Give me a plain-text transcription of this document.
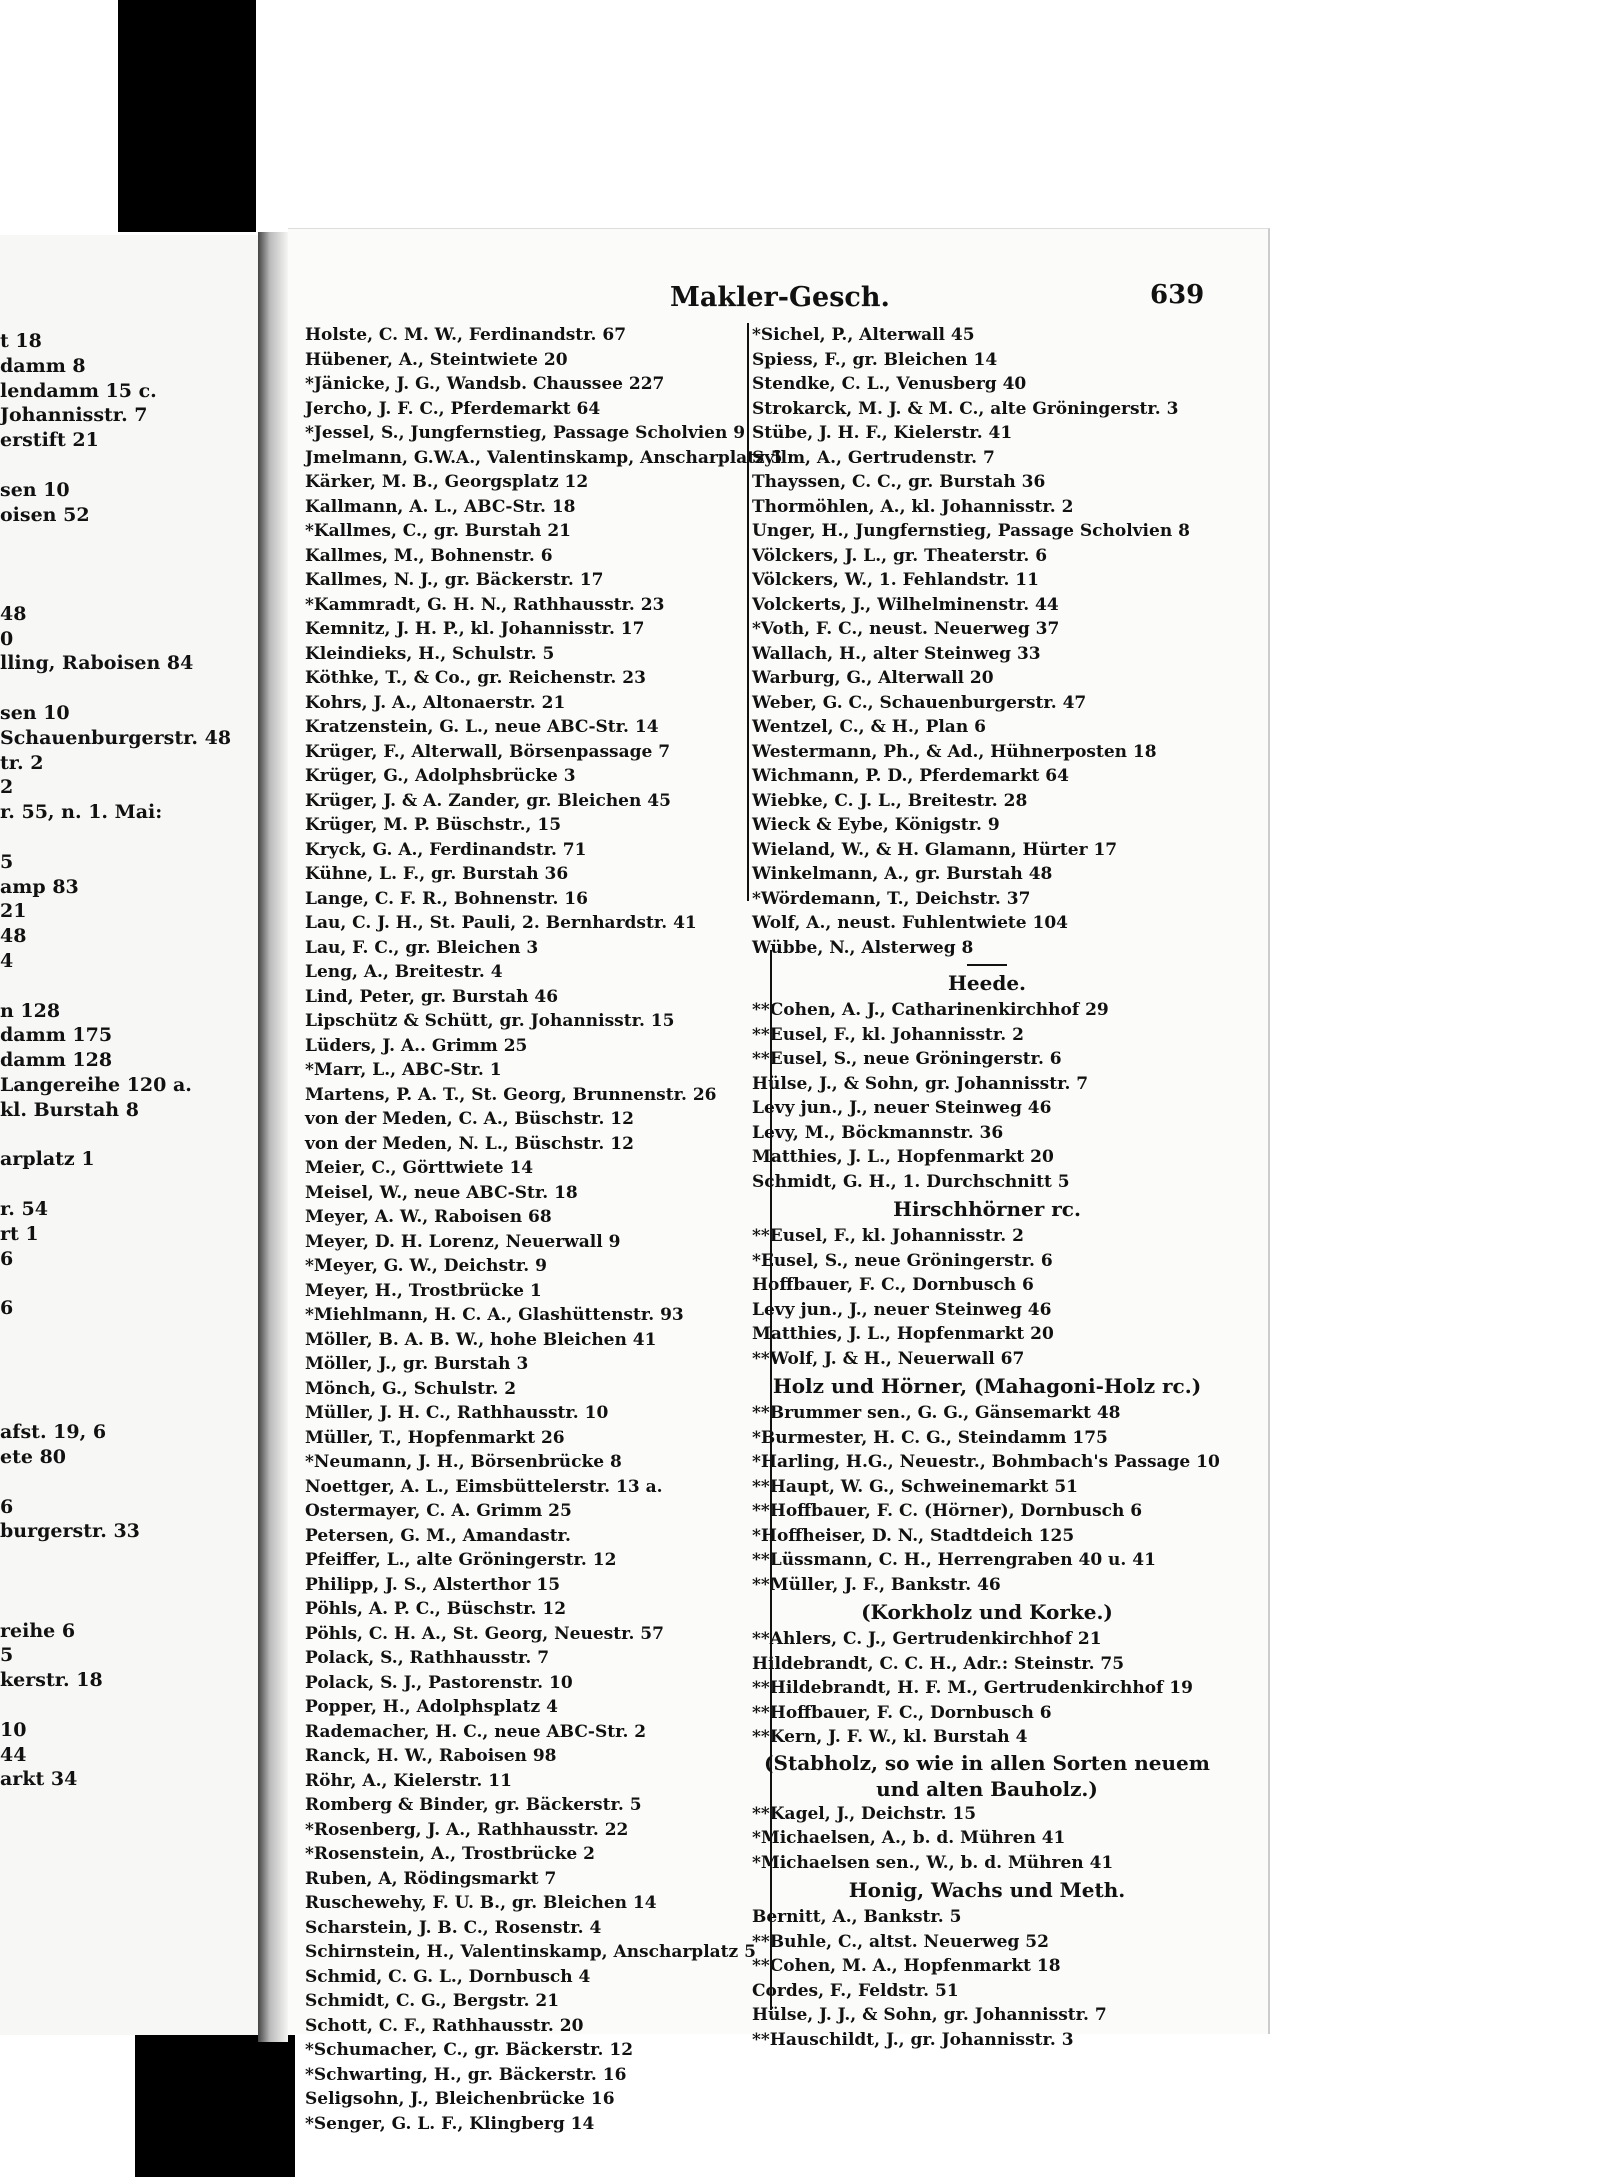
t 18
damm 8
lendamm 15 c.
Johannisstr. 7
erstift 21
sen 10
oisen 52
48
0
lling, Raboisen 84
sen 10
Schauenburgerstr. 48
tr. 2
2
r. 55, n. 1. Mai:
5
amp 83
21
48
4
n 128
damm 175
damm 128
Langereihe 120 a.
kl. Burstah 8
arplatz 1
r. 54
rt 1
6
6
afst. 19, 6
ete 80
6
burgerstr. 33
reihe 6
5
kerstr. 18
10
44
arkt 34
Makler-Gesch.	639
Holste, C. M. W., Ferdinandstr. 67
Hübener, A., Steintwiete 20
*Jänicke, J. G., Wandsb. Chaussee 227
Jercho, J. F. C., Pferdemarkt 64
*Jessel, S., Jungfernstieg, Passage Scholvien 9
Jmelmann, G.W.A., Valentinskamp, Anscharplatz 5
Kärker, M. B., Georgsplatz 12
Kallmann, A. L., ABC-Str. 18
*Kallmes, C., gr. Burstah 21
Kallmes, M., Bohnenstr. 6
Kallmes, N. J., gr. Bäckerstr. 17
*Kammradt, G. H. N., Rathhausstr. 23
Kemnitz, J. H. P., kl. Johannisstr. 17
Kleindieks, H., Schulstr. 5
Köthke, T., & Co., gr. Reichenstr. 23
Kohrs, J. A., Altonaerstr. 21
Kratzenstein, G. L., neue ABC-Str. 14
Krüger, F., Alterwall, Börsenpassage 7
Krüger, G., Adolphsbrücke 3
Krüger, J. & A. Zander, gr. Bleichen 45
Krüger, M. P. Büschstr., 15
Kryck, G. A., Ferdinandstr. 71
Kühne, L. F., gr. Burstah 36
Lange, C. F. R., Bohnenstr. 16
Lau, C. J. H., St. Pauli, 2. Bernhardstr. 41
Lau, F. C., gr. Bleichen 3
Leng, A., Breitestr. 4
Lind, Peter, gr. Burstah 46
Lipschütz & Schütt, gr. Johannisstr. 15
Lüders, J. A.. Grimm 25
*Marr, L., ABC-Str. 1
Martens, P. A. T., St. Georg, Brunnenstr. 26
von der Meden, C. A., Büschstr. 12
von der Meden, N. L., Büschstr. 12
Meier, C., Görttwiete 14
Meisel, W., neue ABC-Str. 18
Meyer, A. W., Raboisen 68
Meyer, D. H. Lorenz, Neuerwall 9
*Meyer, G. W., Deichstr. 9
Meyer, H., Trostbrücke 1
*Miehlmann, H. C. A., Glashüttenstr. 93
Möller, B. A. B. W., hohe Bleichen 41
Möller, J., gr. Burstah 3
Mönch, G., Schulstr. 2
Müller, J. H. C., Rathhausstr. 10
Müller, T., Hopfenmarkt 26
*Neumann, J. H., Börsenbrücke 8
Noettger, A. L., Eimsbüttelerstr. 13 a.
Ostermayer, C. A. Grimm 25
Petersen, G. M., Amandastr.
Pfeiffer, L., alte Gröningerstr. 12
Philipp, J. S., Alsterthor 15
Pöhls, A. P. C., Büschstr. 12
Pöhls, C. H. A., St. Georg, Neuestr. 57
Polack, S., Rathhausstr. 7
Polack, S. J., Pastorenstr. 10
Popper, H., Adolphsplatz 4
Rademacher, H. C., neue ABC-Str. 2
Ranck, H. W., Raboisen 98
Röhr, A., Kielerstr. 11
Romberg & Binder, gr. Bäckerstr. 5
*Rosenberg, J. A., Rathhausstr. 22
*Rosenstein, A., Trostbrücke 2
Ruben, A, Rödingsmarkt 7
Ruschewehy, F. U. B., gr. Bleichen 14
Scharstein, J. B. C., Rosenstr. 4
Schirnstein, H., Valentinskamp, Anscharplatz 5
Schmid, C. G. L., Dornbusch 4
Schmidt, C. G., Bergstr. 21
Schott, C. F., Rathhausstr. 20
*Schumacher, C., gr. Bäckerstr. 12
*Schwarting, H., gr. Bäckerstr. 16
Seligsohn, J., Bleichenbrücke 16
*Senger, G. L. F., Klingberg 14
*Sichel, P., Alterwall 45
Spiess, F., gr. Bleichen 14
Stendke, C. L., Venusberg 40
Strokarck, M. J. & M. C., alte Gröningerstr. 3
Stübe, J. H. F., Kielerstr. 41
Syllm, A., Gertrudenstr. 7
Thayssen, C. C., gr. Burstah 36
Thormöhlen, A., kl. Johannisstr. 2
Unger, H., Jungfernstieg, Passage Scholvien 8
Völckers, J. L., gr. Theaterstr. 6
Völckers, W., 1. Fehlandstr. 11
Volckerts, J., Wilhelminenstr. 44
*Voth, F. C., neust. Neuerweg 37
Wallach, H., alter Steinweg 33
Warburg, G., Alterwall 20
Weber, G. C., Schauenburgerstr. 47
Wentzel, C., & H., Plan 6
Westermann, Ph., & Ad., Hühnerposten 18
Wichmann, P. D., Pferdemarkt 64
Wiebke, C. J. L., Breitestr. 28
Wieck & Eybe, Königstr. 9
Wieland, W., & H. Glamann, Hürter 17
Winkelmann, A., gr. Burstah 48
*Wördemann, T., Deichstr. 37
Wolf, A., neust. Fuhlentwiete 104
Wübbe, N., Alsterweg 8
Heede.
**Cohen, A. J., Catharinenkirchhof 29
**Eusel, F., kl. Johannisstr. 2
**Eusel, S., neue Gröningerstr. 6
Hülse, J., & Sohn, gr. Johannisstr. 7
Levy jun., J., neuer Steinweg 46
Levy, M., Böckmannstr. 36
Matthies, J. L., Hopfenmarkt 20
Schmidt, G. H., 1. Durchschnitt 5
Hirschhörner rc.
**Eusel, F., kl. Johannisstr. 2
*Eusel, S., neue Gröningerstr. 6
Hoffbauer, F. C., Dornbusch 6
Levy jun., J., neuer Steinweg 46
Matthies, J. L., Hopfenmarkt 20
**Wolf, J. & H., Neuerwall 67
Holz und Hörner, (Mahagoni-Holz rc.)
**Brummer sen., G. G., Gänsemarkt 48
*Burmester, H. C. G., Steindamm 175
*Harling, H.G., Neuestr., Bohmbach's Passage 10
**Haupt, W. G., Schweinemarkt 51
**Hoffbauer, F. C. (Hörner), Dornbusch 6
*Hoffheiser, D. N., Stadtdeich 125
**Lüssmann, C. H., Herrengraben 40 u. 41
**Müller, J. F., Bankstr. 46
(Korkholz und Korke.)
**Ahlers, C. J., Gertrudenkirchhof 21
Hildebrandt, C. C. H., Adr.: Steinstr. 75
**Hildebrandt, H. F. M., Gertrudenkirchhof 19
**Hoffbauer, F. C., Dornbusch 6
**Kern, J. F. W., kl. Burstah 4
(Stabholz, so wie in allen Sorten neuem und alten Bauholz.)
**Kagel, J., Deichstr. 15
*Michaelsen, A., b. d. Mühren 41
*Michaelsen sen., W., b. d. Mühren 41
Honig, Wachs und Meth.
Bernitt, A., Bankstr. 5
**Buhle, C., altst. Neuerweg 52
**Cohen, M. A., Hopfenmarkt 18
Cordes, F., Feldstr. 51
Hülse, J. J., & Sohn, gr. Johannisstr. 7
**Hauschildt, J., gr. Johannisstr. 3
